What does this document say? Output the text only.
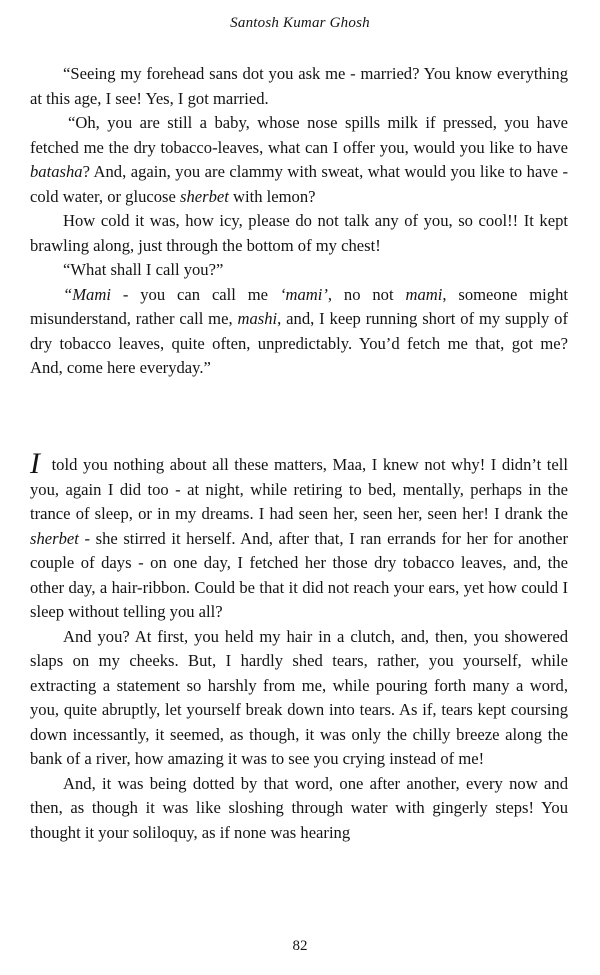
Santosh Kumar Ghosh

“Seeing my forehead sans dot you ask me - married? You know everything at this age, I see! Yes, I got married.

“Oh, you are still a baby, whose nose spills milk if pressed, you have fetched me the dry tobacco-leaves, what can I offer you, would you like to have batasha? And, again, you are clammy with sweat, what would you like to have - cold water, or glucose sherbet with lemon?

How cold it was, how icy, please do not talk any of you, so cool!! It kept brawling along, just through the bottom of my chest!

“What shall I call you?”

“Mami - you can call me ‘mami’, no not mami, someone might misunderstand, rather call me, mashi, and, I keep running short of my supply of dry tobacco leaves, quite often, unpredictably. You’d fetch me that, got me? And, come here everyday.”

I told you nothing about all these matters, Maa, I knew not why! I didn’t tell you, again I did too - at night, while retiring to bed, mentally, perhaps in the trance of sleep, or in my dreams. I had seen her, seen her, seen her! I drank the sherbet - she stirred it herself. And, after that, I ran errands for her for another couple of days - on one day, I fetched her those dry tobacco leaves, and, the other day, a hair-ribbon. Could be that it did not reach your ears, yet how could I sleep without telling you all?

And you? At first, you held my hair in a clutch, and, then, you showered slaps on my cheeks. But, I hardly shed tears, rather, you yourself, while extracting a statement so harshly from me, while pouring forth many a word, you, quite abruptly, let yourself break down into tears. As if, tears kept coursing down incessantly, it seemed, as though, it was only the chilly breeze along the bank of a river, how amazing it was to see you crying instead of me!

And, it was being dotted by that word, one after another, every now and then, as though it was like sloshing through water with gingerly steps! You thought it your soliloquy, as if none was hearing

82
